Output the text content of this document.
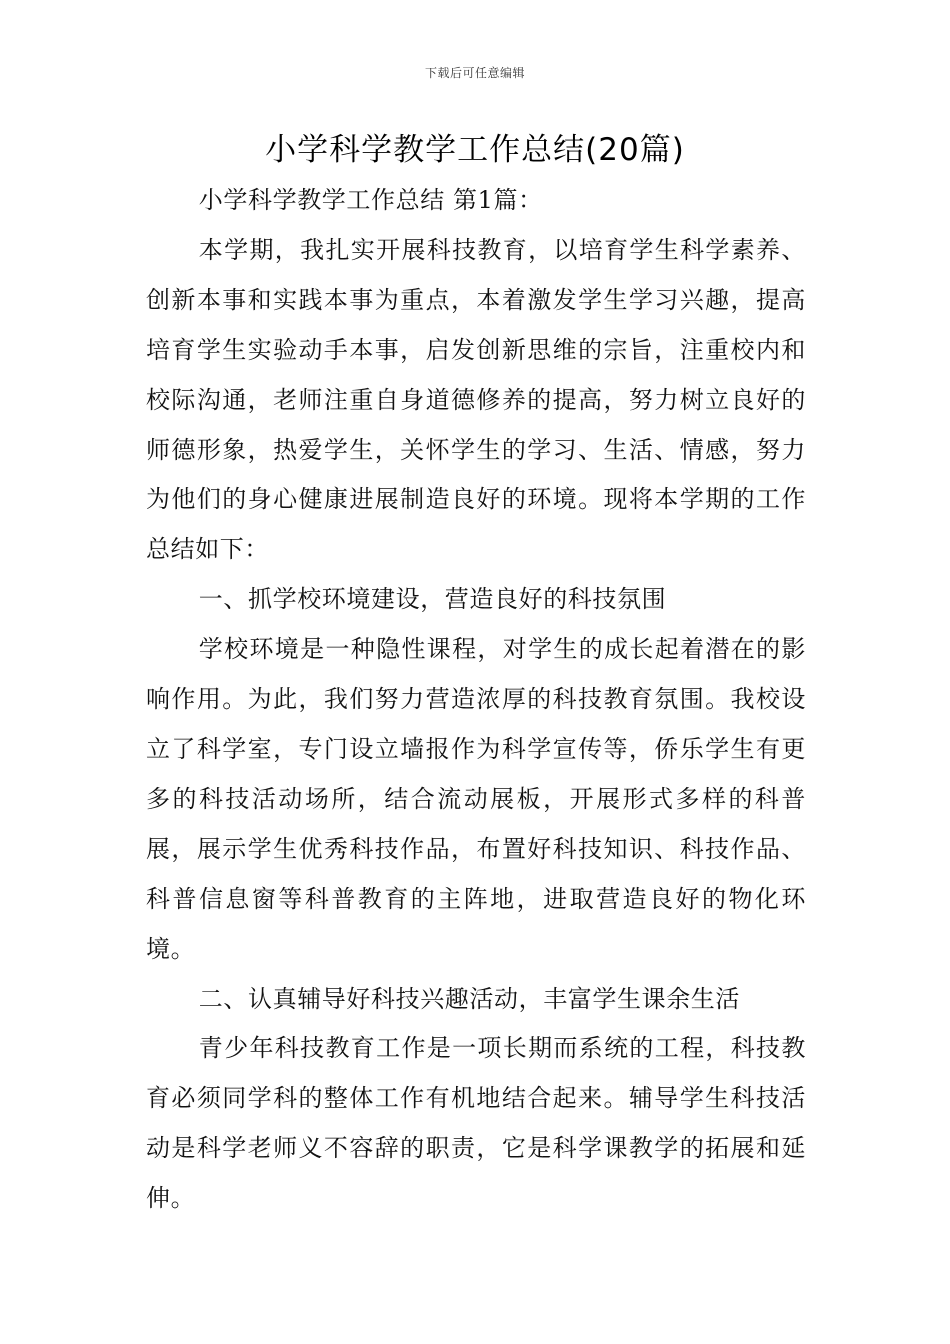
下载后可任意编辑
小学科学教学工作总结(20篇)

小学科学教学工作总结 第1篇：

本学期，我扎实开展科技教育，以培育学生科学素养、创新本事和实践本事为重点，本着激发学生学习兴趣，提高培育学生实验动手本事，启发创新思维的宗旨，注重校内和校际沟通，老师注重自身道德修养的提高，努力树立良好的师德形象，热爱学生，关怀学生的学习、生活、情感，努力为他们的身心健康进展制造良好的环境。现将本学期的工作总结如下：

一、抓学校环境建设，营造良好的科技氛围

学校环境是一种隐性课程，对学生的成长起着潜在的影响作用。为此，我们努力营造浓厚的科技教育氛围。我校设立了科学室，专门设立墙报作为科学宣传等，侨乐学生有更多的科技活动场所，结合流动展板，开展形式多样的科普展，展示学生优秀科技作品，布置好科技知识、科技作品、科普信息窗等科普教育的主阵地，进取营造良好的物化环境。

二、认真辅导好科技兴趣活动，丰富学生课余生活

青少年科技教育工作是一项长期而系统的工程，科技教育必须同学科的整体工作有机地结合起来。辅导学生科技活动是科学老师义不容辞的职责，它是科学课教学的拓展和延伸。
